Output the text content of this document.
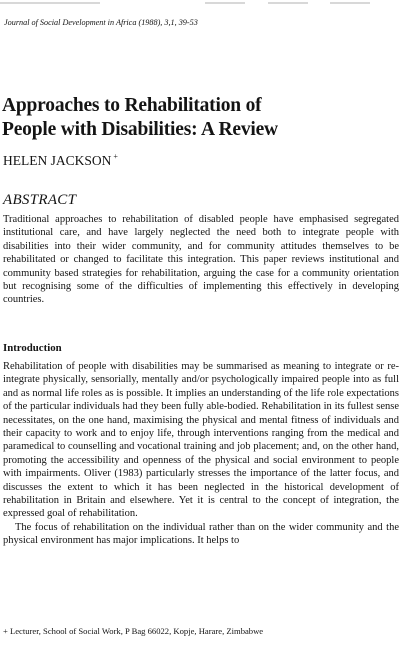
Journal of Social Development in Africa (1988), 3,1, 39-53
Approaches to Rehabilitation of
People with Disabilities: A Review
HELEN JACKSON +
ABSTRACT
Traditional approaches to rehabilitation of disabled people have emphasised segregated institutional care, and have largely neglected the need both to integrate people with disabilities into their wider community, and for community attitudes themselves to be rehabilitated or changed to facilitate this integration. This paper reviews institutional and community based strategies for rehabilitation, arguing the case for a community orientation but recognising some of the difficulties of implementing this effectively in developing countries.
Introduction

Rehabilitation of people with disabilities may be summarised as meaning to integrate or re-integrate physically, sensorially, mentally and/or psychologically impaired people into as full and as normal life roles as is possible. It implies an understanding of the life role expectations of the particular individuals had they been fully able-bodied. Rehabilitation in its fullest sense necessitates, on the one hand, maximising the physical and mental fitness of individuals and their capacity to work and to enjoy life, through interventions ranging from the medical and paramedical to counselling and vocational training and job placement; and, on the other hand, promoting the accessibility and openness of the physical and social environment to people with impairments. Oliver (1983) particularly stresses the importance of the latter focus, and discusses the extent to which it has been neglected in the historical development of rehabilitation in Britain and elsewhere. Yet it is central to the concept of integration, the expressed goal of rehabilitation.

The focus of rehabilitation on the individual rather than on the wider community and the physical environment has major implications. It helps to

+ Lecturer, School of Social Work, P Bag 66022, Kopje, Harare, Zimbabwe
